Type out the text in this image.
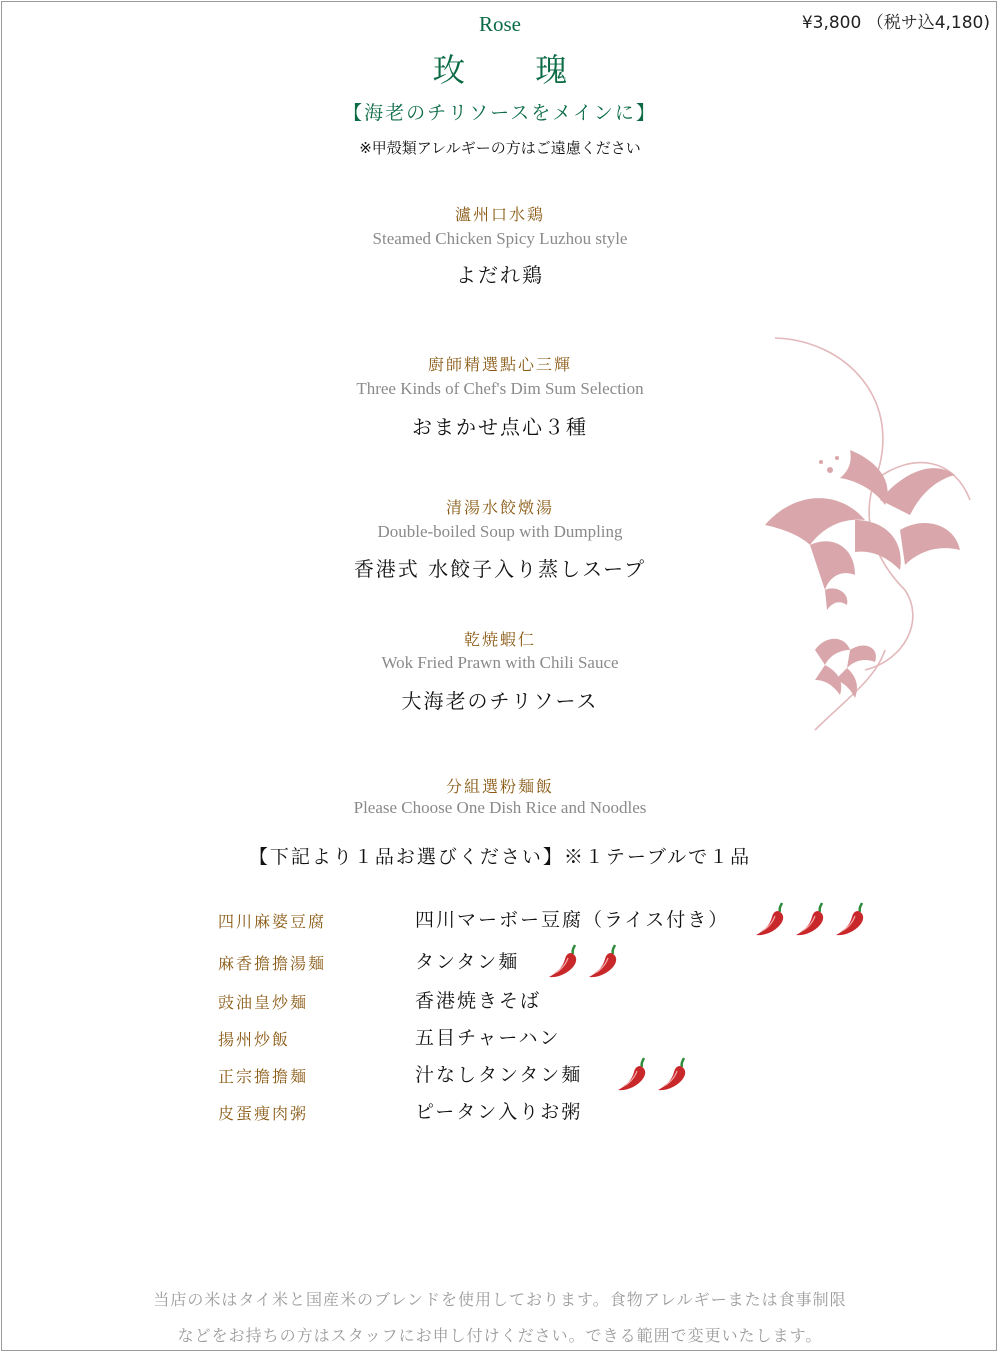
¥3,800 （税サ込4,180)
Rose
玫 瑰
【海老のチリソースをメインに】
※甲殻類アレルギーの方はご遠慮ください
瀘州口水鶏
Steamed Chicken Spicy Luzhou style
よだれ鶏
廚師精選點心三輝
Three Kinds of Chef's Dim Sum Selection
おまかせ点心３種
清湯水餃燉湯
Double-boiled Soup with Dumpling
香港式 水餃子入り蒸しスープ
乾焼蝦仁
Wok Fried Prawn with Chili Sauce
大海老のチリソース
分組選粉麺飯
Please Choose One Dish Rice and Noodles
【下記より１品お選びください】※１テーブルで１品
四川麻婆豆腐	四川マーボー豆腐（ライス付き）
麻香擔擔湯麺	タンタン麺
豉油皇炒麺	香港焼きそば
揚州炒飯	五目チャーハン
正宗擔擔麺	汁なしタンタン麺
皮蛋痩肉粥	ピータン入りお粥
当店の米はタイ米と国産米のブレンドを使用しております。食物アレルギーまたは食事制限
などをお持ちの方はスタッフにお申し付けください。できる範囲で変更いたします。
